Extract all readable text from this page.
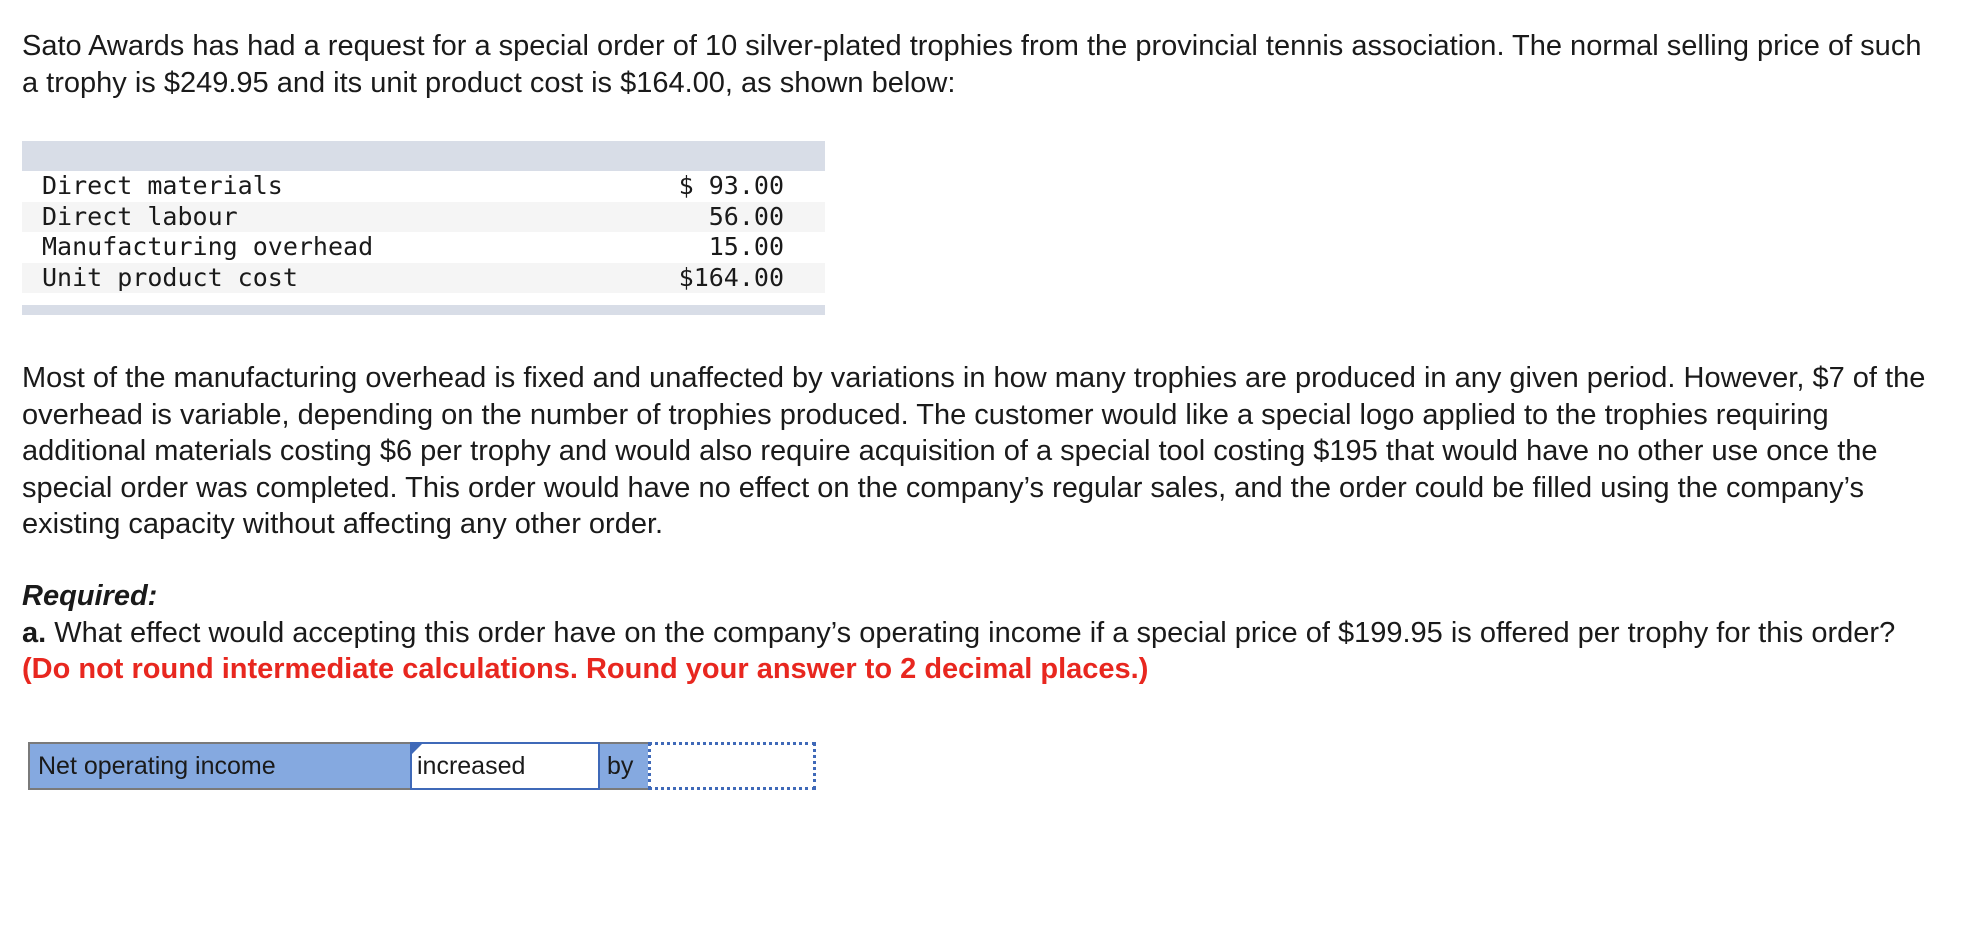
Sato Awards has had a request for a special order of 10 silver-plated trophies from the provincial tennis association. The normal selling price of such a trophy is $249.95 and its unit product cost is $164.00, as shown below:

Direct materials	$ 93.00
Direct labour	56.00
Manufacturing overhead	15.00
Unit product cost	$164.00

Most of the manufacturing overhead is fixed and unaffected by variations in how many trophies are produced in any given period. However, $7 of the overhead is variable, depending on the number of trophies produced. The customer would like a special logo applied to the trophies requiring additional materials costing $6 per trophy and would also require acquisition of a special tool costing $195 that would have no other use once the special order was completed. This order would have no effect on the company’s regular sales, and the order could be filled using the company’s existing capacity without affecting any other order.

Required:
a. What effect would accepting this order have on the company’s operating income if a special price of $199.95 is offered per trophy for this order? (Do not round intermediate calculations. Round your answer to 2 decimal places.)
Net operating income	increased	by
